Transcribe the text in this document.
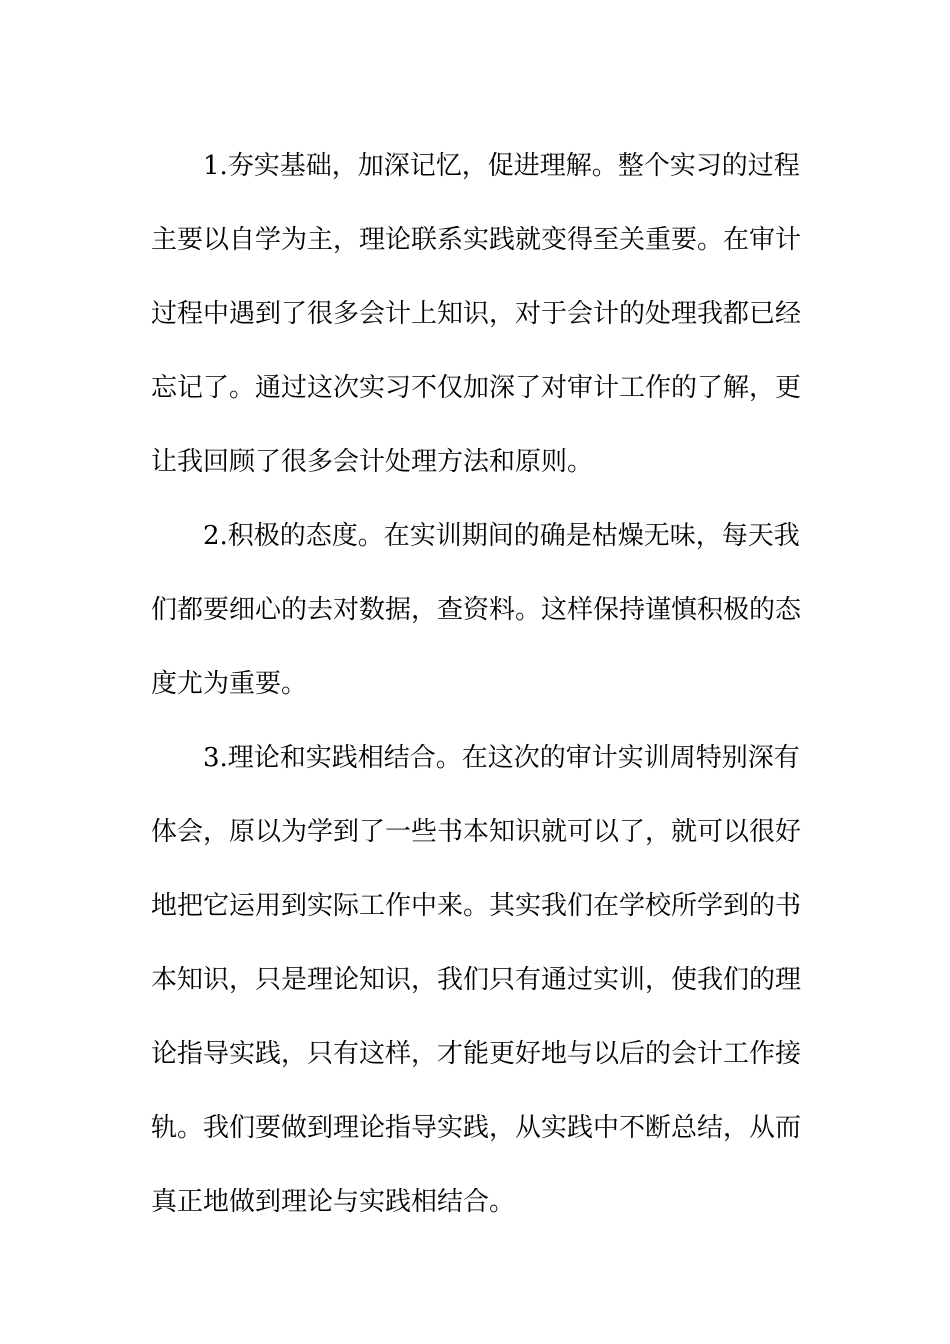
1.夯实基础，加深记忆，促进理解。整个实习的过程
主要以自学为主，理论联系实践就变得至关重要。在审计
过程中遇到了很多会计上知识，对于会计的处理我都已经
忘记了。通过这次实习不仅加深了对审计工作的了解，更
让我回顾了很多会计处理方法和原则。
2.积极的态度。在实训期间的确是枯燥无味，每天我
们都要细心的去对数据，查资料。这样保持谨慎积极的态
度尤为重要。
3.理论和实践相结合。在这次的审计实训周特别深有
体会，原以为学到了一些书本知识就可以了，就可以很好
地把它运用到实际工作中来。其实我们在学校所学到的书
本知识，只是理论知识，我们只有通过实训，使我们的理
论指导实践，只有这样，才能更好地与以后的会计工作接
轨。我们要做到理论指导实践，从实践中不断总结，从而
真正地做到理论与实践相结合。
